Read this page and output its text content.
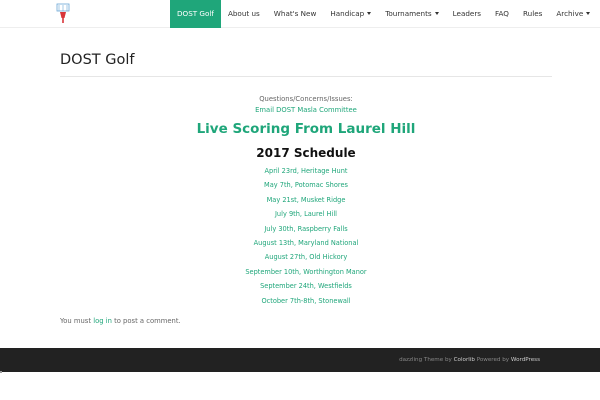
DOST Golf	About us	What's New	Handicap	Tournaments	Leaders	FAQ	Rules	Archive
DOST Golf
Questions/Concerns/Issues:
Email DOST Masla Committee
Live Scoring From Laurel Hill
2017 Schedule
April 23rd, Heritage Hunt
May 7th, Potomac Shores
May 21st, Musket Ridge
July 9th, Laurel Hill
July 30th, Raspberry Falls
August 13th, Maryland National
August 27th, Old Hickory
September 10th, Worthington Manor
September 24th, Westfields
October 7th-8th, Stonewall
You must log in to post a comment.
dazzling Theme by Colorlib Powered by WordPress
